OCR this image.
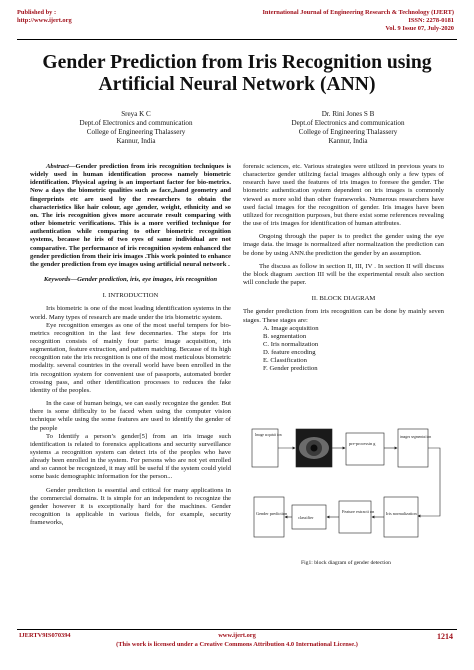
Published by :
http://www.ijert.org
International Journal of Engineering Research & Technology (IJERT)
ISSN: 2278-0181
Vol. 9 Issue 07, July-2020
Gender Prediction from Iris Recognition using
Artificial Neural Network (ANN)
Sreya K C
Dept.of Electronics and communication
College of Engineering Thalassery
Kannur, India
Dr. Rini Jones S B
Dept.of Electronics and communication
College of Engineering Thalassery
Kannur, India

Abstract—Gender prediction from iris recognition techniques is widely used in human identification process namely biometric identification. Physical ageing is an important factor for bio-metrics. Now a days the biometric qualities such as face,,hand geometry and fingerprints etc are used by the researchers to obtain the characteristics like hair colour, age ,gender, weight, ethnicity and so on. The iris recognition gives more accurate result comparing with other biometric verifications. This is a more verified technique for authentication while comparing to other biometric recognition systems, because he iris of two eyes of same individual are not comparative. The performance of iris recognition system enhanced the gender prediction from their iris images .This work pointed to enhance the gender prediction from eye images using artificial neural network .

Keywords—Gender prediction, iris, eye images, iris recognition

I. INTRODUCTION

Iris biometric is one of the most leading identification systems in the world. Many types of research are made under the iris biometric system.

Eye recognition emerges as one of the most useful tempers for bio-metrics recognition in the last few decennaries. The steps for iris recognition consists of mainly four parts: image acquisition, iris segmentation, feature extraction, and pattern matching. Because of its high recognition rate the iris recognition is one of the most meticulous biometric modality. several countries in the overall world have been enrolled in the iris recognition system for convenient use of passports, automated border crossing pass, and other identification processes to reduces the fake identity of the peoples.

In the case of human beings, we can easily recognize the gender. But there is some difficulty to be faced when using the computer vision technique while using the some features are used to identify the gender of the people

To Identify a person’s gender[5] from an iris image such identification is related to forensics applications and security surveillance systems .a recognition system can detect iris of the peoples who have already been enrolled in the system. For persons who are not yet enrolled and so cannot be recognized, it may still be useful if the system could yield some basic demographic information for the person...

Gender prediction is essential and critical for many applications in the commercial domains. It is simple for an independent to recognize the gender however it is exceptionally hard for the machines. Gender recognition is applicable in various fields, for example, security frameworks,

forensic sciences, etc. Various strategies were utilized in previous years to characterize gender utilizing facial images although only a few types of research have used the features of iris images to foresee the gender. The biometric authentication system dependent on iris images is commonly viewed as more solid than other frameworks. Numerous researchers have used facial images for the recognition of gender. Iris images have been utilized for recognition purposes, but there exist some references revealing the use of iris images for identification of human attributes.

Ongoing through the paper is to predict the gender using the eye image data. the image is normalized after normalization the prediction can be done by using ANN.the prediction the gender by an assumption.

The discuss as follow in section II, III, IV . In section II will discuss the block diagram .section III will be the experimental result also section will conclude the paper.

II. BLOCK DIAGRAM

The gender prediction from iris recognition can be done by mainly seven stages. These stages are:

A. Image acquisition
B. segmentation
C. Iris normalization
D. feature encoding
E. Classification
F. Gender prediction
Image acquisit ion
pre-processin g
images segmentat ion
Gender prediction
classifier
Feature extracti on	Iris normalization
Fig1: block diagram of gender detection
IJERTV9IS070394	www.ijert.org
(This work is licensed under a Creative Commons Attribution 4.0 International License.)
1214
